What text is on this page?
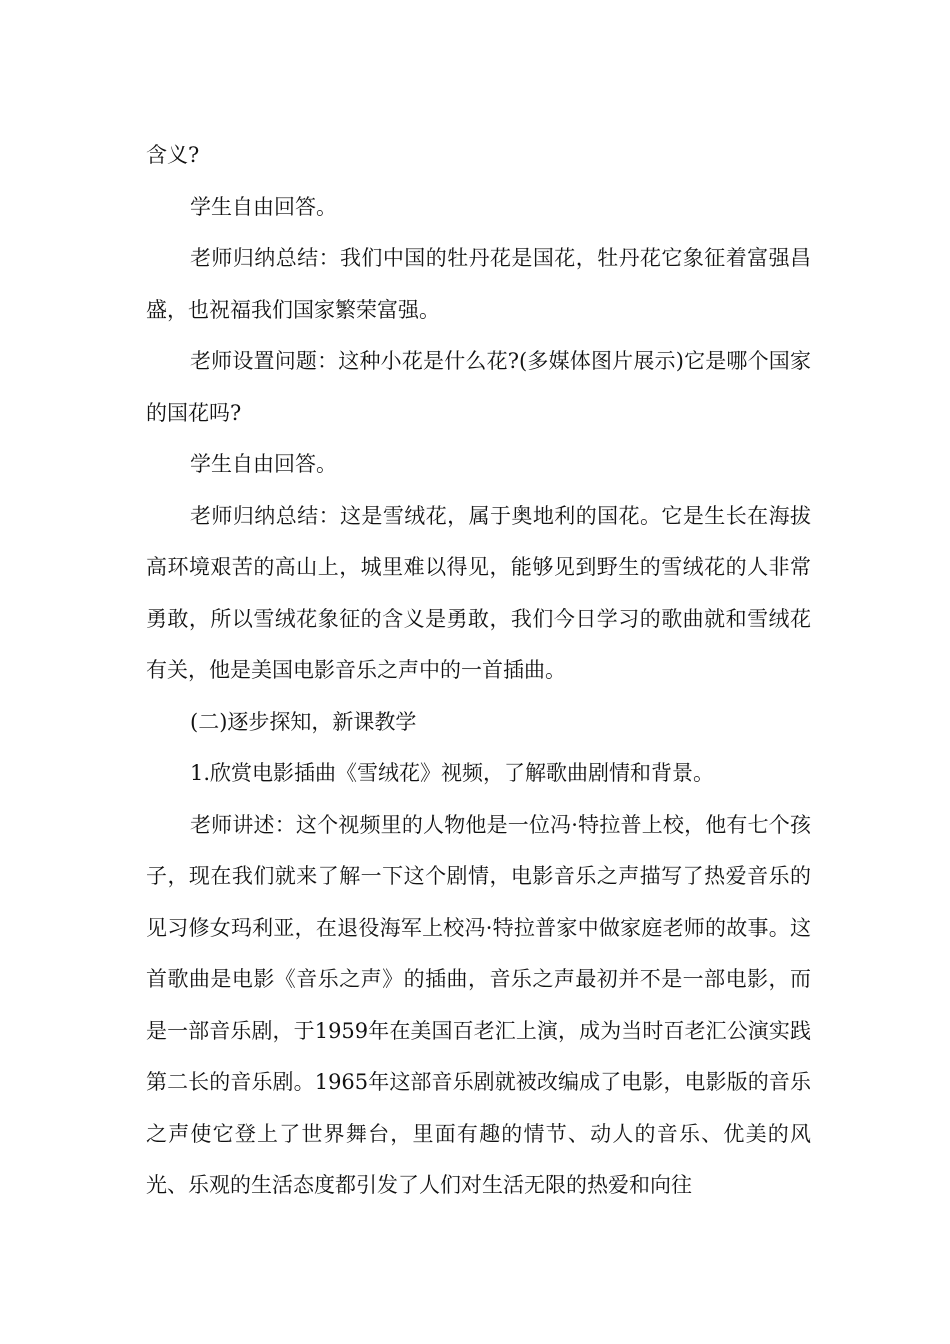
含义?

学生自由回答。

老师归纳总结：我们中国的牡丹花是国花，牡丹花它象征着富强昌盛，也祝福我们国家繁荣富强。

老师设置问题：这种小花是什么花?(多媒体图片展示)它是哪个国家的国花吗?

学生自由回答。

老师归纳总结：这是雪绒花，属于奥地利的国花。它是生长在海拔高环境艰苦的高山上，城里难以得见，能够见到野生的雪绒花的人非常勇敢，所以雪绒花象征的含义是勇敢，我们今日学习的歌曲就和雪绒花有关，他是美国电影音乐之声中的一首插曲。

(二)逐步探知，新课教学

1.欣赏电影插曲《雪绒花》视频，了解歌曲剧情和背景。

老师讲述：这个视频里的人物他是一位冯·特拉普上校，他有七个孩子，现在我们就来了解一下这个剧情，电影音乐之声描写了热爱音乐的见习修女玛利亚，在退役海军上校冯·特拉普家中做家庭老师的故事。这首歌曲是电影《音乐之声》的插曲，音乐之声最初并不是一部电影，而是一部音乐剧，于1959年在美国百老汇上演，成为当时百老汇公演实践第二长的音乐剧。1965年这部音乐剧就被改编成了电影，电影版的音乐之声使它登上了世界舞台，里面有趣的情节、动人的音乐、优美的风光、乐观的生活态度都引发了人们对生活无限的热爱和向往
